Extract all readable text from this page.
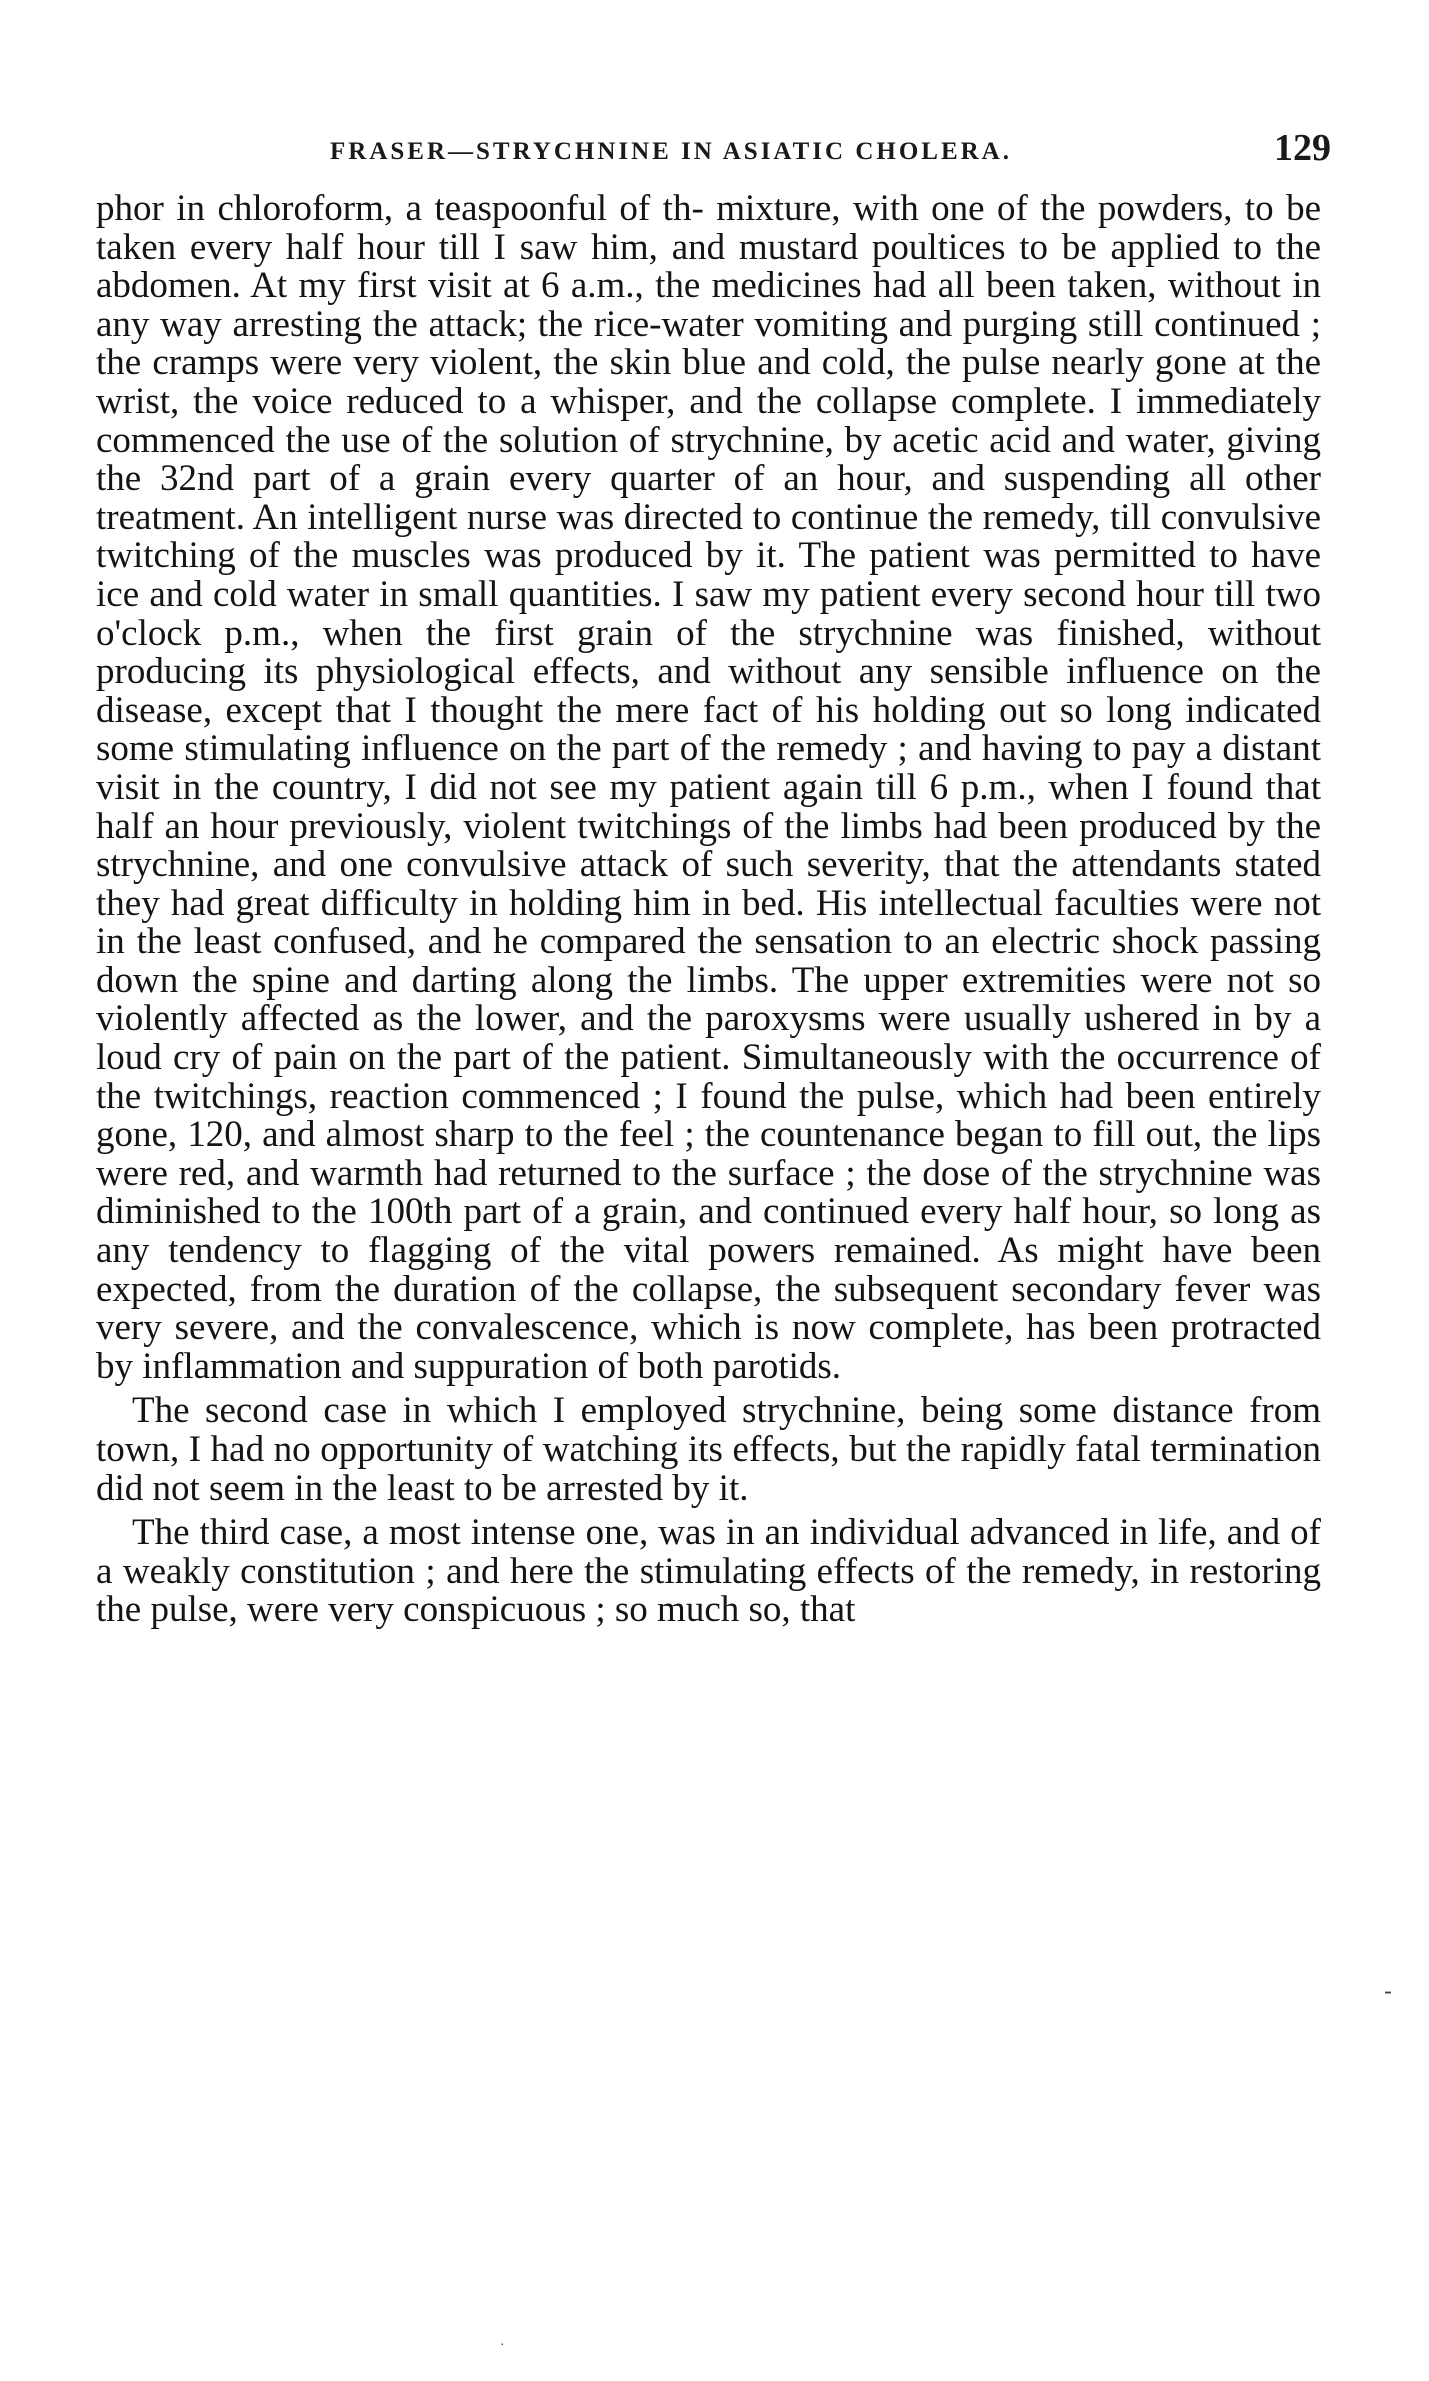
FRASER—STRYCHNINE IN ASIATIC CHOLERA.	129

phor in chloroform, a teaspoonful of th- mixture, with one of the powders, to be taken every half hour till I saw him, and mustard poultices to be applied to the abdomen. At my first visit at 6 a.m., the medicines had all been taken, without in any way arresting the attack; the rice-water vomiting and purging still continued ; the cramps were very violent, the skin blue and cold, the pulse nearly gone at the wrist, the voice reduced to a whisper, and the collapse complete. I immediately commenced the use of the solution of strychnine, by acetic acid and water, giving the 32nd part of a grain every quarter of an hour, and suspending all other treatment. An intelligent nurse was directed to continue the remedy, till convulsive twitching of the muscles was produced by it. The patient was permitted to have ice and cold water in small quantities. I saw my patient every second hour till two o'clock p.m., when the first grain of the strychnine was finished, without producing its physiological effects, and without any sensible influence on the disease, except that I thought the mere fact of his holding out so long indicated some stimulating influence on the part of the remedy ; and having to pay a distant visit in the country, I did not see my patient again till 6 p.m., when I found that half an hour previously, violent twitchings of the limbs had been produced by the strychnine, and one convulsive attack of such severity, that the attendants stated they had great difficulty in holding him in bed. His intellectual faculties were not in the least confused, and he compared the sensation to an electric shock passing down the spine and darting along the limbs. The upper extremities were not so violently affected as the lower, and the paroxysms were usually ushered in by a loud cry of pain on the part of the patient. Simultaneously with the occurrence of the twitchings, reaction commenced ; I found the pulse, which had been entirely gone, 120, and almost sharp to the feel ; the countenance began to fill out, the lips were red, and warmth had returned to the surface ; the dose of the strychnine was diminished to the 100th part of a grain, and continued every half hour, so long as any tendency to flagging of the vital powers remained. As might have been expected, from the duration of the collapse, the subsequent secondary fever was very severe, and the convalescence, which is now complete, has been protracted by inflammation and suppuration of both parotids.

The second case in which I employed strychnine, being some distance from town, I had no opportunity of watching its effects, but the rapidly fatal termination did not seem in the least to be arrested by it.

The third case, a most intense one, was in an individual advanced in life, and of a weakly constitution ; and here the stimulating effects of the remedy, in restoring the pulse, were very conspicuous ; so much so, that

-
·
